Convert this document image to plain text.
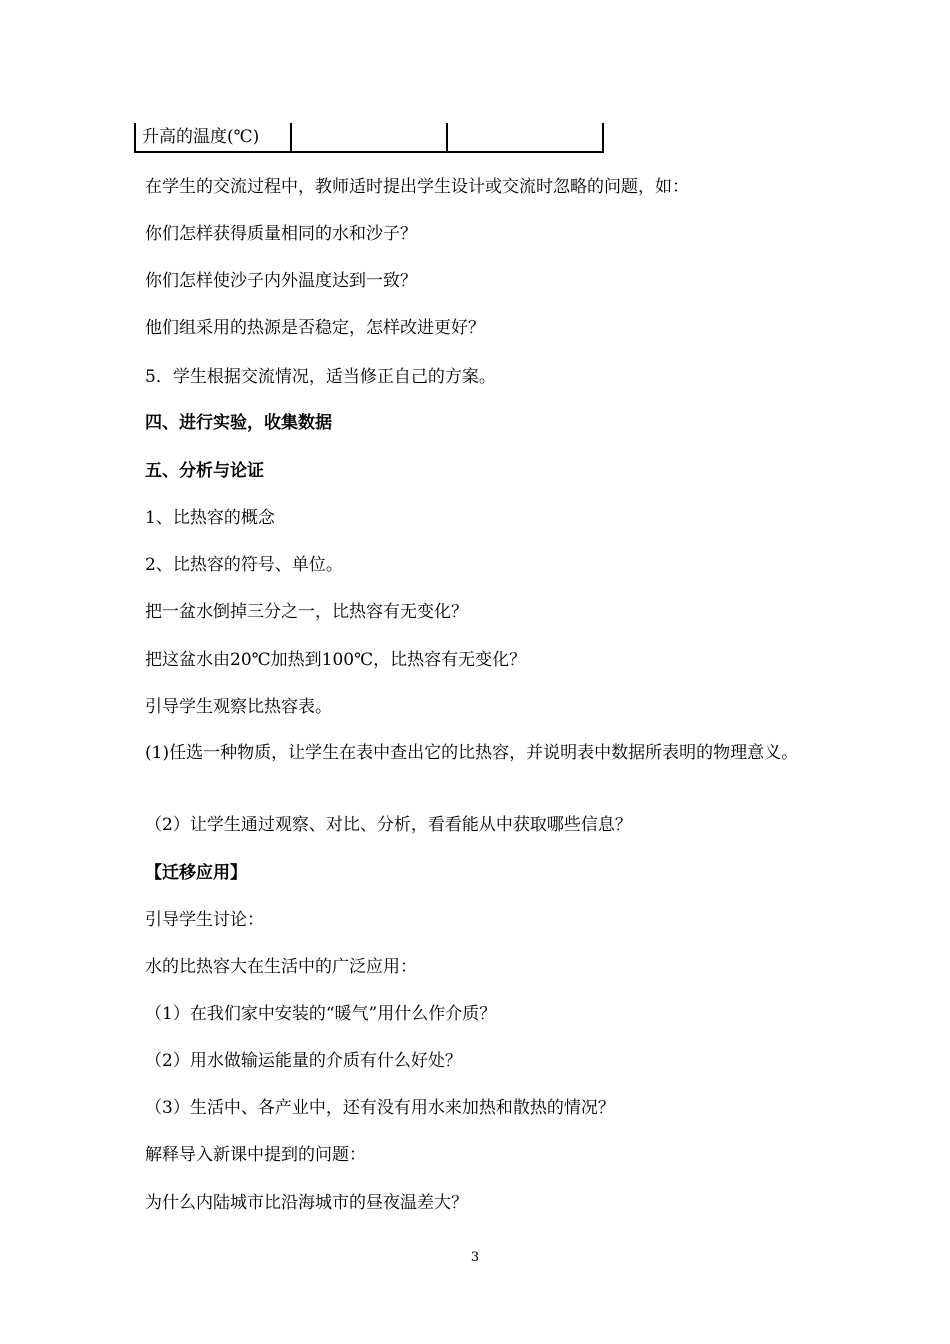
升高的温度(℃)
在学生的交流过程中，教师适时提出学生设计或交流时忽略的问题，如：
你们怎样获得质量相同的水和沙子？
你们怎样使沙子内外温度达到一致？
他们组采用的热源是否稳定，怎样改进更好？
5．学生根据交流情况，适当修正自己的方案。
四、进行实验，收集数据
五、分析与论证
1、比热容的概念
2、比热容的符号、单位。
把一盆水倒掉三分之一，比热容有无变化？
把这盆水由20℃加热到100℃，比热容有无变化？
引导学生观察比热容表。
(1)任选一种物质，让学生在表中查出它的比热容，并说明表中数据所表明的物理意义。
（2）让学生通过观察、对比、分析，看看能从中获取哪些信息？
【迁移应用】
引导学生讨论：
水的比热容大在生活中的广泛应用：
（1）在我们家中安装的“暖气”用什么作介质？
（2）用水做输运能量的介质有什么好处？
（3）生活中、各产业中，还有没有用水来加热和散热的情况？
解释导入新课中提到的问题：
为什么内陆城市比沿海城市的昼夜温差大？
3
